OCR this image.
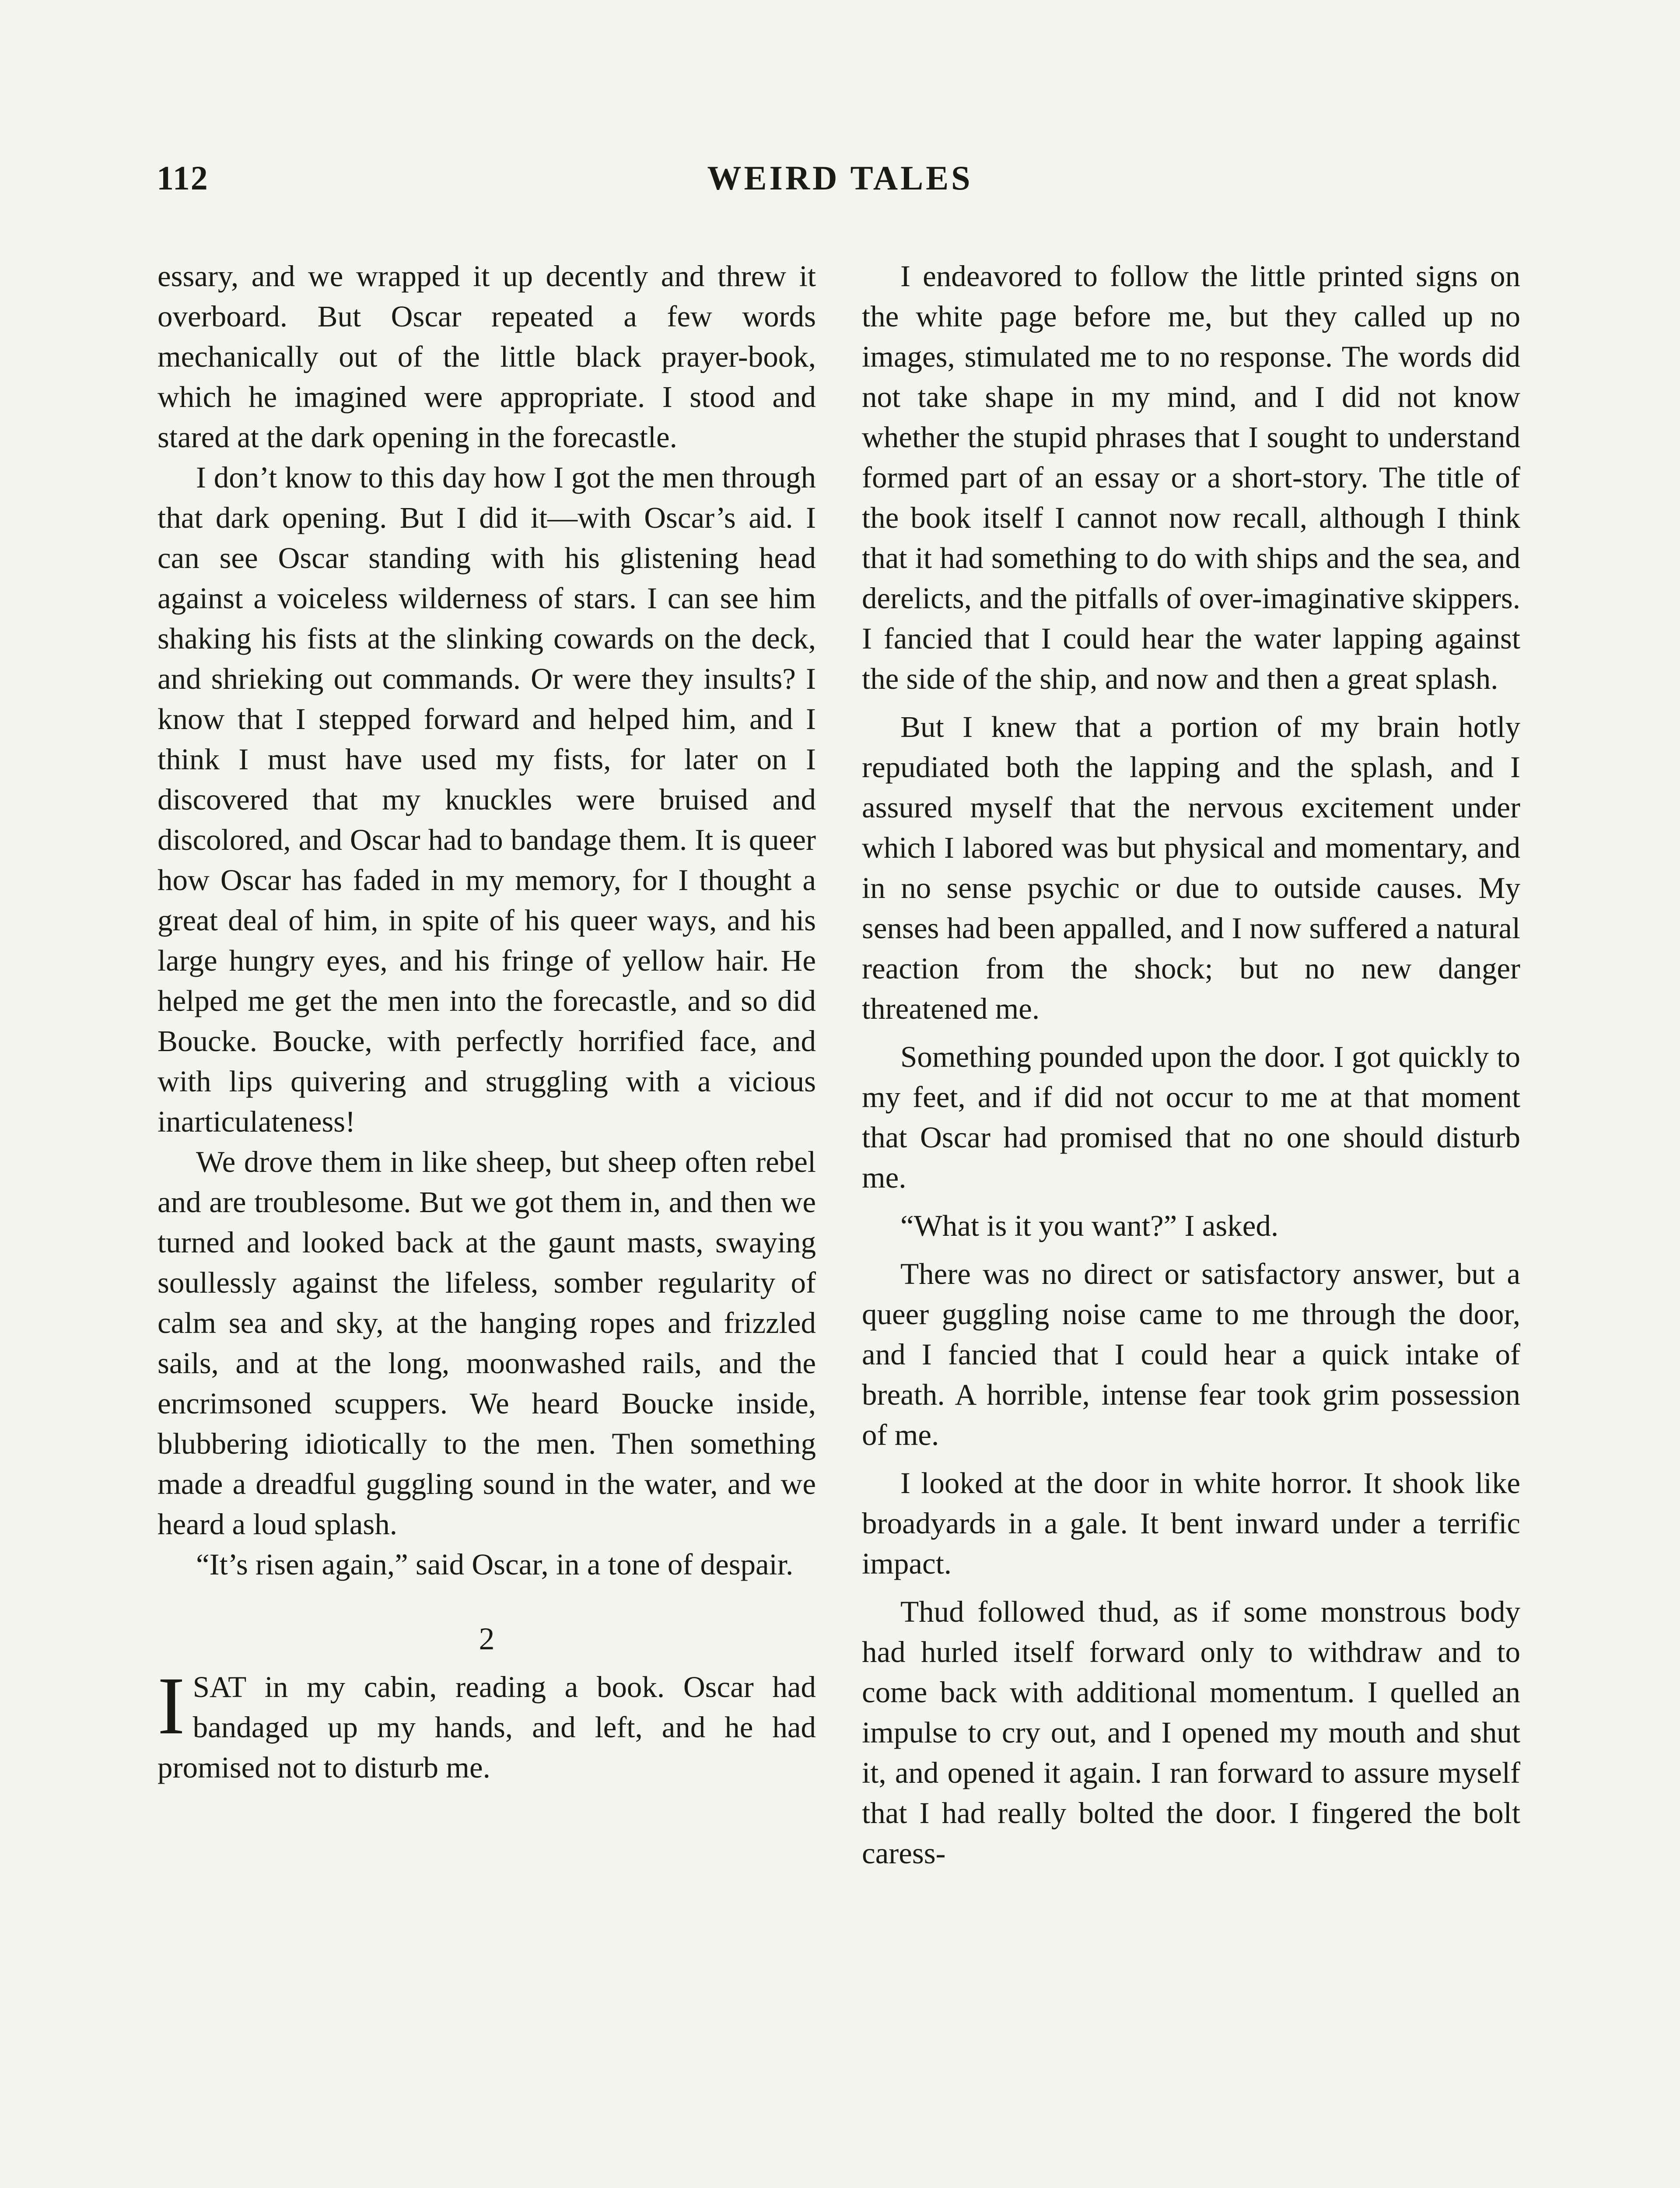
112	WEIRD TALES

essary, and we wrapped it up decently and threw it overboard. But Oscar repeated a few words mechanically out of the little black prayer-book, which he imagined were appropriate. I stood and stared at the dark opening in the forecastle.

I don’t know to this day how I got the men through that dark opening. But I did it—with Oscar’s aid. I can see Oscar standing with his glistening head against a voiceless wilderness of stars. I can see him shaking his fists at the slinking cowards on the deck, and shrieking out commands. Or were they insults? I know that I stepped forward and helped him, and I think I must have used my fists, for later on I discovered that my knuckles were bruised and discolored, and Oscar had to bandage them. It is queer how Oscar has faded in my memory, for I thought a great deal of him, in spite of his queer ways, and his large hungry eyes, and his fringe of yellow hair. He helped me get the men into the forecastle, and so did Boucke. Boucke, with perfectly horrified face, and with lips quivering and struggling with a vicious inarticulateness!

We drove them in like sheep, but sheep often rebel and are troublesome. But we got them in, and then we turned and looked back at the gaunt masts, swaying soullessly against the lifeless, somber regularity of calm sea and sky, at the hanging ropes and frizzled sails, and at the long, moonwashed rails, and the encrimsoned scuppers. We heard Boucke inside, blubbering idiotically to the men. Then something made a dreadful guggling sound in the water, and we heard a loud splash.

“It’s risen again,” said Oscar, in a tone of despair.

2

ISAT in my cabin, reading a book. Oscar had bandaged up my hands, and left, and he had promised not to disturb me.

I endeavored to follow the little printed signs on the white page before me, but they called up no images, stimulated me to no response. The words did not take shape in my mind, and I did not know whether the stupid phrases that I sought to understand formed part of an essay or a short-story. The title of the book itself I cannot now recall, although I think that it had something to do with ships and the sea, and derelicts, and the pitfalls of over-imaginative skippers. I fancied that I could hear the water lapping against the side of the ship, and now and then a great splash.

But I knew that a portion of my brain hotly repudiated both the lapping and the splash, and I assured myself that the nervous excitement under which I labored was but physical and momentary, and in no sense psychic or due to outside causes. My senses had been appalled, and I now suffered a natural reaction from the shock; but no new danger threatened me.

Something pounded upon the door. I got quickly to my feet, and if did not occur to me at that moment that Oscar had promised that no one should disturb me.

“What is it you want?” I asked.

There was no direct or satisfactory answer, but a queer guggling noise came to me through the door, and I fancied that I could hear a quick intake of breath. A horrible, intense fear took grim possession of me.

I looked at the door in white horror. It shook like broadyards in a gale. It bent inward under a terrific impact.

Thud followed thud, as if some monstrous body had hurled itself forward only to withdraw and to come back with additional momentum. I quelled an impulse to cry out, and I opened my mouth and shut it, and opened it again. I ran forward to assure myself that I had really bolted the door. I fingered the bolt caress-
